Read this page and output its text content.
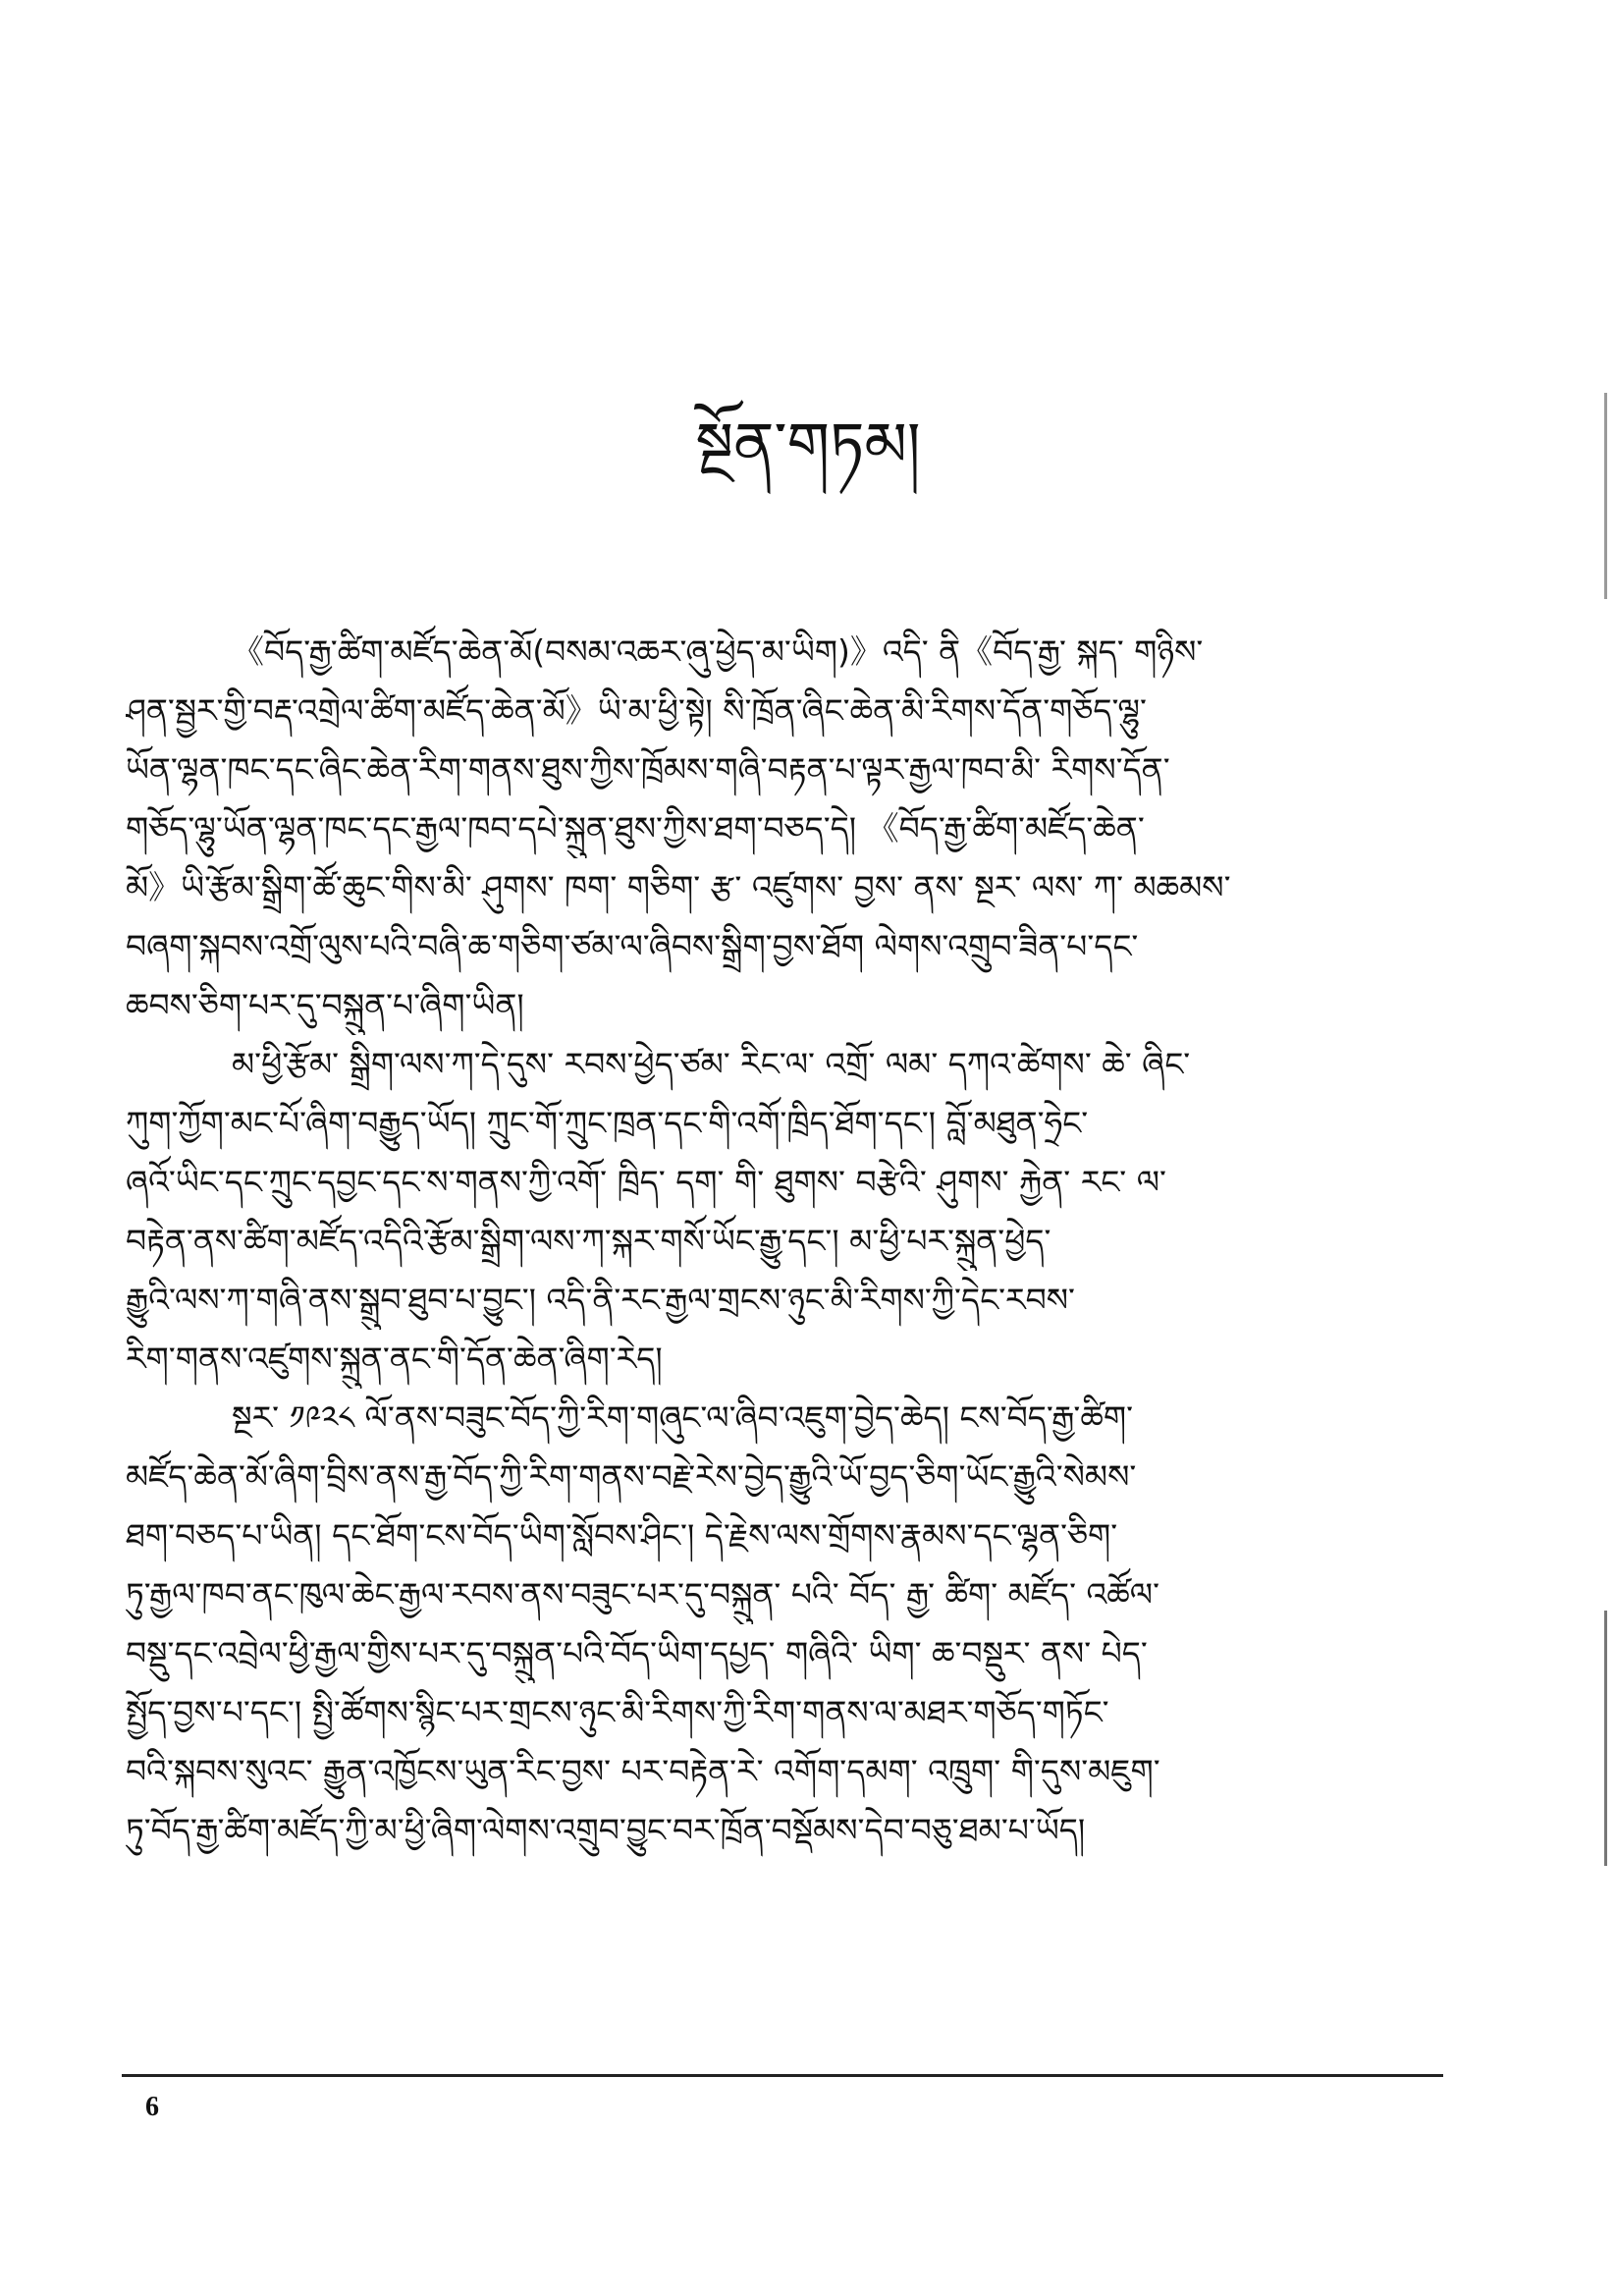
སྔོན་གཏམ།
《བོད་རྒྱ་ཚིག་མཛོད་ཆེན་མོ(བསམ་འཆར་ཞུ་ཕྱེད་མ་ཡིག)》འདི་ ནི《བོད་རྒྱ་ སྐད་ གཉིས་
ཤན་སྦྱར་གྱི་བརྡ་འགྲེལ་ཚིག་མཛོད་ཆེན་མོ》ཡི་མ་ཕྱི་སྟེ། སི་ཁྲོན་ཞིང་ཆེན་མི་རིགས་དོན་གཅོད་ལྷུ་
ཡོན་ལྷན་ཁང་དང་ཞིང་ཆེན་རིག་གནས་ཐུས་ཀྱིས་ཁྲོམས་གཞི་བརྟན་པ་ལྟར་རྒྱལ་ཁབ་མི་ རིགས་དོན་
གཅོད་ལྷུ་ཡོན་ལྷན་ཁང་དང་རྒྱལ་ཁབ་དཔེ་སྐྲུན་ཐུས་ཀྱིས་ཐག་བཅད་དེ། 《བོད་རྒྱ་ཚིག་མཛོད་ཆེན་
མོ》ཡི་རྩོམ་སྒྲིག་ཚོ་ཆུང་གིས་མི་ ཤུགས་ ཁག་ གཅིག་ རྩ་ འཛུགས་ བྱས་ ནས་ སྔར་ ལས་ ཀ་ མཆམས་
བཞག་སྐབས་འགྲོ་ལུས་པའི་བཞི་ཆ་གཅིག་ཙམ་ལ་ཞིབས་སྒྲིག་བྱས་ཐོག ལེགས་འགྲུབ་ཟིན་པ་དང་
ཆབས་ཅིག་པར་དུ་བསྐྲུན་པ་ཞིག་ཡིན།
མ་ཕྱི་རྩོམ་ སྒྲིག་ལས་ཀ་དེ་དུས་ རབས་ཕྱེད་ཙམ་ རིང་ལ་ འགྲོ་ ལམ་ དཀའ་ཚེགས་ ཆེ་ ཞིང་
ཀུག་ཀྱོག་མང་པོ་ཞིག་བརྒྱུད་ཡོད། ཀྲུང་གོ་ཀྲུང་ཁྲན་དང་གི་འགོ་ཁྲིད་ཐོག་དང་། བློ་མཐུན་ཧྲེང་
ཞའོ་ཡིང་དང་ཀྲུང་དབྱང་དང་ས་གནས་ཀྱི་འགོ་ ཁྲིད་ དག་ གི་ ཐུགས་ བརྩེའི་ ཤུགས་ རྐྱེན་ རང་ ལ་
བརྟེན་ནས་ཚིག་མཛོད་འདིའི་རྩོམ་སྒྲིག་ལས་ཀ་སྐར་གསོ་ཡོང་རྒྱུ་དང་། མ་ཕྱི་པར་སྐྲུན་ཕྱེད་
རྒྱུའི་ལས་ཀ་གཞི་ནས་སྒྲུབ་ཐུབ་པ་བྱུང་། འདི་ནི་རང་རྒྱལ་གྲངས་ཉུང་མི་རིགས་ཀྱི་དེང་རབས་
རིག་གནས་འཛུགས་སྐྲུན་ནང་གི་དོན་ཆེན་ཞིག་རེད།
སྔར་ ༡༩༢༨ ལོ་ནས་བཟུང་བོད་ཀྱི་རིག་གཞུང་ལ་ཞིབ་འཇུག་བྱེད་ཆེད། ངས་བོད་རྒྱ་ཚིག་
མཛོད་ཆེན་མོ་ཞིག་བྲིས་ནས་རྒྱ་བོད་ཀྱི་རིག་གནས་བརྗེ་རེས་བྱེད་རྒྱུའི་ཡོ་བྱད་ཅིག་ཡོང་རྒྱུའི་སེམས་
ཐག་བཅད་པ་ཡིན། དང་ཐོག་ངས་བོད་ཡིག་སློབས་ཤིང་། དེ་རྗེས་ལས་གྲོགས་རྣམས་དང་ལྷན་ཅིག་
ཏུ་རྒྱལ་ཁབ་ནང་ཁུལ་ཆེང་རྒྱལ་རབས་ནས་བཟུང་པར་དུ་བསྐྲུན་ པའི་ བོད་ རྒྱ་ ཚིག་ མཛོད་ འཚོལ་
བསྡུ་དང་འབྲེལ་ཕྱི་རྒྱལ་གྱིས་པར་དུ་བསྐྲུན་པའི་བོད་ཡིག་དཔྱད་ གཞིའི་ ཡིག་ ཆ་བསྡུར་ ནས་ པེད་
སྤྱོད་བྱས་པ་དང་། སྤྱི་ཚོགས་སྙིང་པར་གྲངས་ཉུང་མི་རིགས་ཀྱི་རིག་གནས་ལ་མཐར་གཅོད་གཏོང་
བའི་སྐབས་སུའང་ རྒྱུན་འཁྱོངས་ཡུན་རིང་བྱས་ པར་བརྟེན་རེ་ འགོག་དམག་ འཁྲུག་ གི་དུས་མཇུག་
ཏུ་བོད་རྒྱ་ཚིག་མཛོད་ཀྱི་མ་ཕྱི་ཞིག་ལེགས་འགྲུབ་བྱུང་བར་ཁྲོན་བསྡོམས་དེབ་བཅུ་ཐམ་པ་ཡོད།
6
